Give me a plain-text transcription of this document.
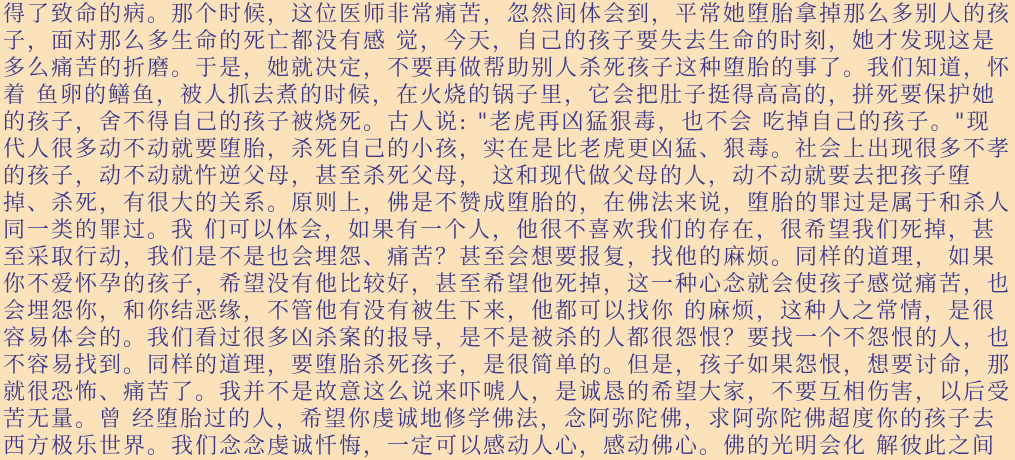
得了致命的病。那个时候，这位医师非常痛苦，忽然间体会到，平常她堕胎拿掉那么多别人的孩
子，面对那么多生命的死亡都没有感 觉，今天，自己的孩子要失去生命的时刻，她才发现这是
多么痛苦的折磨。于是，她就决定，不要再做帮助别人杀死孩子这种堕胎的事了。我们知道，怀
着 鱼卵的鳝鱼，被人抓去煮的时候，在火烧的锅子里，它会把肚子挺得高高的，拼死要保护她
的孩子，舍不得自己的孩子被烧死。古人说: "老虎再凶猛狠毒，也不会 吃掉自己的孩子。"现
代人很多动不动就要堕胎，杀死自己的小孩，实在是比老虎更凶猛、狠毒。社会上出现很多不孝
的孩子，动不动就忤逆父母，甚至杀死父母， 这和现代做父母的人，动不动就要去把孩子堕
掉、杀死，有很大的关系。原则上，佛是不赞成堕胎的，在佛法来说，堕胎的罪过是属于和杀人
同一类的罪过。我 们可以体会，如果有一个人，他很不喜欢我们的存在，很希望我们死掉，甚
至采取行动，我们是不是也会埋怨、痛苦？甚至会想要报复，找他的麻烦。同样的道理， 如果
你不爱怀孕的孩子，希望没有他比较好，甚至希望他死掉，这一种心念就会使孩子感觉痛苦，也
会埋怨你，和你结恶缘，不管他有没有被生下来，他都可以找你 的麻烦，这种人之常情，是很
容易体会的。我们看过很多凶杀案的报导，是不是被杀的人都很怨恨？要找一个不怨恨的人，也
不容易找到。同样的道理，要堕胎杀死孩子，是很简单的。但是，孩子如果怨恨，想要讨命，那
就很恐怖、痛苦了。我并不是故意这么说来吓唬人，是诚恳的希望大家，不要互相伤害，以后受
苦无量。曾 经堕胎过的人，希望你虔诚地修学佛法，念阿弥陀佛，求阿弥陀佛超度你的孩子去
西方极乐世界。我们念念虔诚忏悔，一定可以感动人心，感动佛心。佛的光明会化 解彼此之间
